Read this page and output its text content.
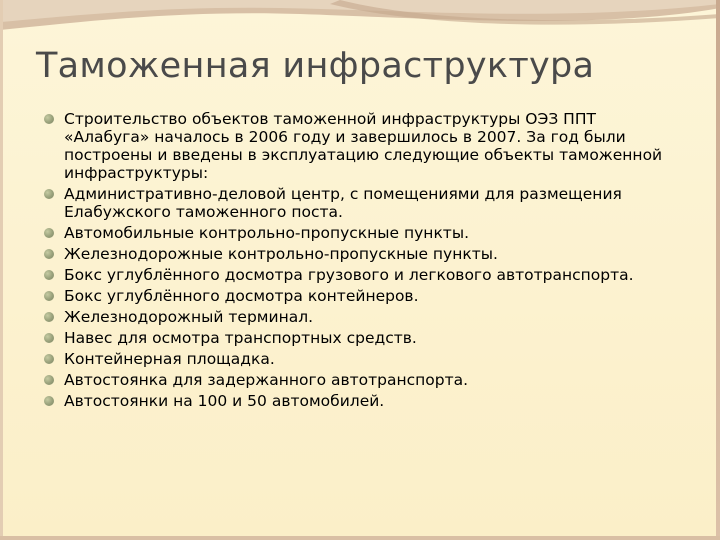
Таможенная инфраструктура
Строительство объектов таможенной инфраструктуры ОЭЗ ППТ «Алабуга» началось в 2006 году и завершилось в 2007. За год были построены и введены в эксплуатацию следующие объекты таможенной инфраструктуры:
Административно-деловой центр, с помещениями для размещения Елабужского таможенного поста.
Автомобильные контрольно-пропускные пункты.
Железнодорожные контрольно-пропускные пункты.
Бокс углублённого досмотра грузового и легкового автотранспорта.
Бокс углублённого досмотра контейнеров.
Железнодорожный терминал.
Навес для осмотра транспортных средств.
Контейнерная площадка.
Автостоянка для задержанного автотранспорта.
Автостоянки на 100 и 50 автомобилей.
